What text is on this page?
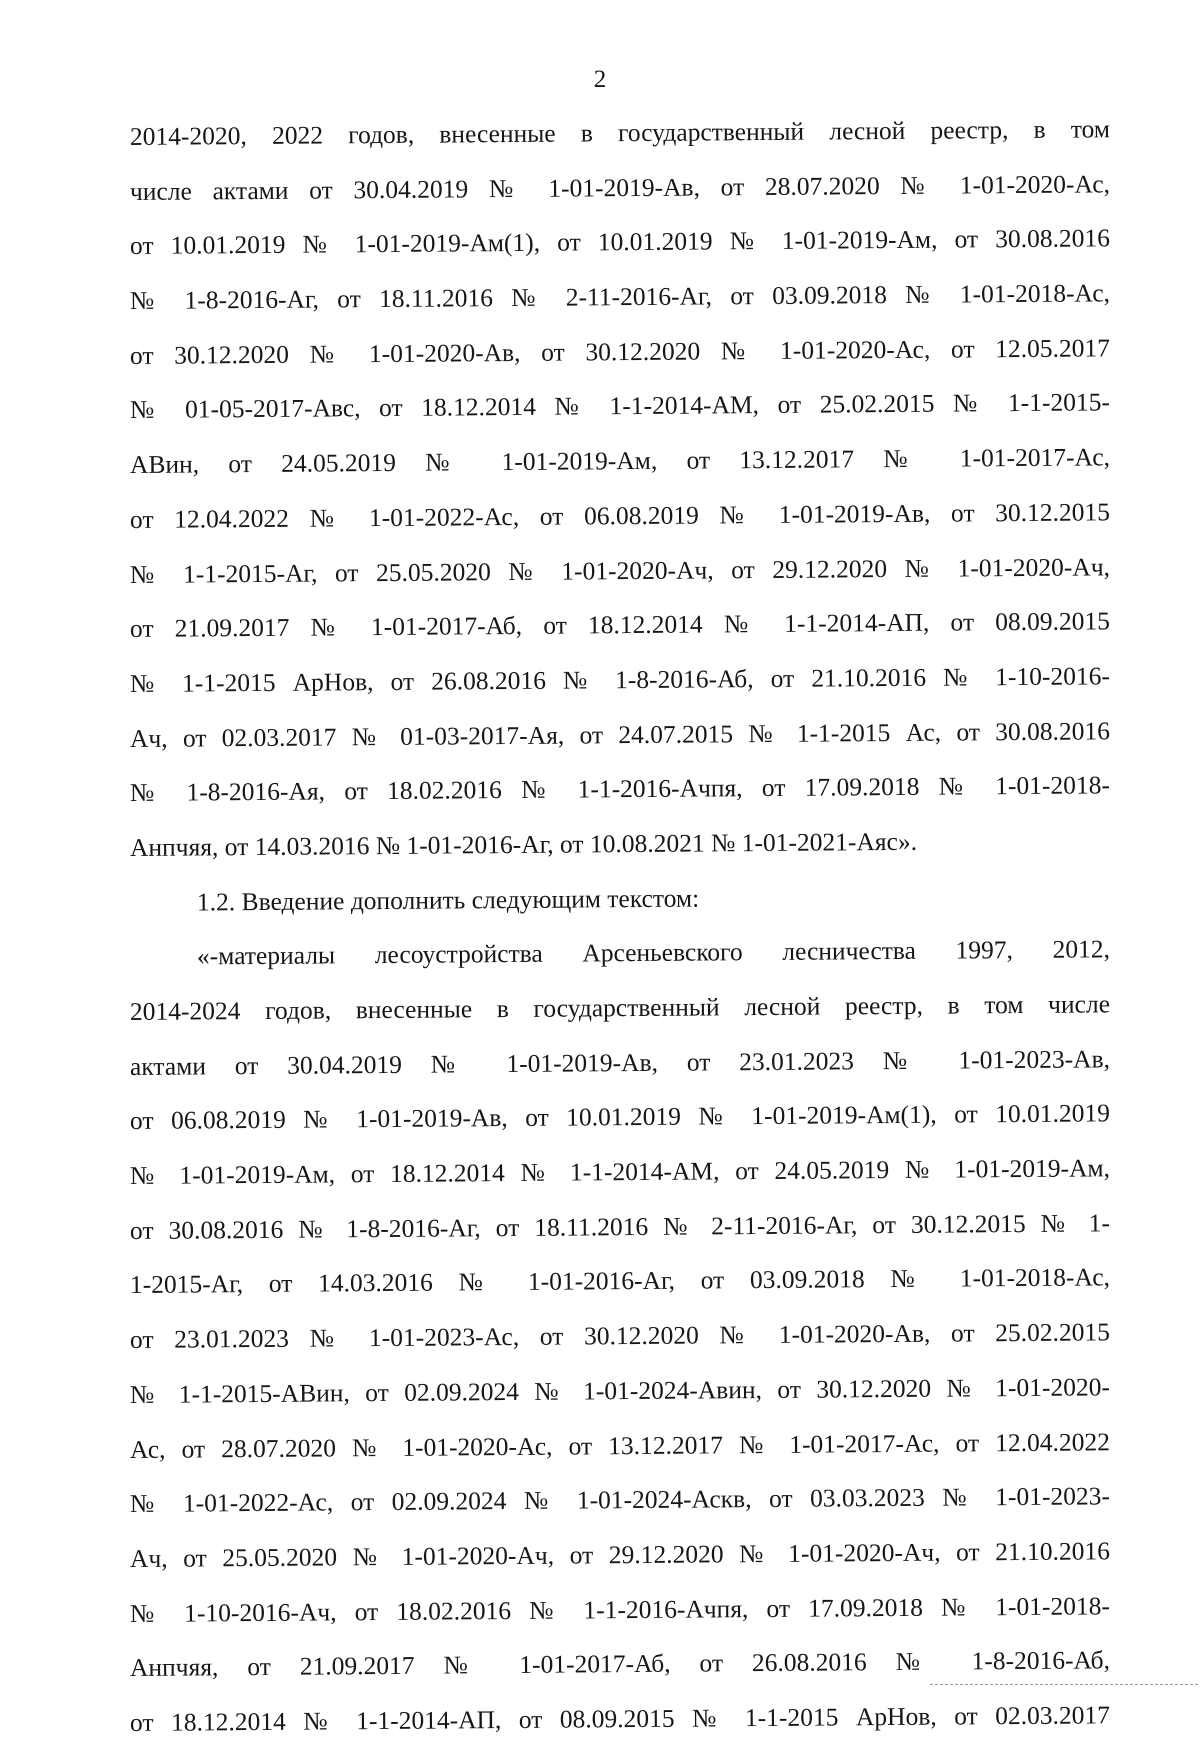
2
2014-2020, 2022 годов, внесенные в государственный лесной реестр, в том
числе актами от 30.04.2019 № 1-01-2019-Ав, от 28.07.2020 № 1-01-2020-Ас,
от 10.01.2019 № 1-01-2019-Ам(1), от 10.01.2019 № 1-01-2019-Ам, от 30.08.2016
№ 1-8-2016-Аг, от 18.11.2016 № 2-11-2016-Аг, от 03.09.2018 № 1-01-2018-Ас,
от 30.12.2020 № 1-01-2020-Ав, от 30.12.2020 № 1-01-2020-Ас, от 12.05.2017
№ 01-05-2017-Авс, от 18.12.2014 № 1-1-2014-АМ, от 25.02.2015 № 1-1-2015-
АВин, от 24.05.2019 № 1-01-2019-Ам, от 13.12.2017 № 1-01-2017-Ас,
от 12.04.2022 № 1-01-2022-Ас, от 06.08.2019 № 1-01-2019-Ав, от 30.12.2015
№ 1-1-2015-Аг, от 25.05.2020 № 1-01-2020-Ач, от 29.12.2020 № 1-01-2020-Ач,
от 21.09.2017 № 1-01-2017-Аб, от 18.12.2014 № 1-1-2014-АП, от 08.09.2015
№ 1-1-2015 АрНов, от 26.08.2016 № 1-8-2016-Аб, от 21.10.2016 № 1-10-2016-
Ач, от 02.03.2017 № 01-03-2017-Ая, от 24.07.2015 № 1-1-2015 Ас, от 30.08.2016
№ 1-8-2016-Ая, от 18.02.2016 № 1-1-2016-Ачпя, от 17.09.2018 № 1-01-2018-
Анпчяя, от 14.03.2016 № 1-01-2016-Аг, от 10.08.2021 № 1-01-2021-Аяс».
1.2. Введение дополнить следующим текстом:
«-материалы лесоустройства Арсеньевского лесничества 1997, 2012,
2014-2024 годов, внесенные в государственный лесной реестр, в том числе
актами от 30.04.2019 № 1-01-2019-Ав, от 23.01.2023 № 1-01-2023-Ав,
от 06.08.2019 № 1-01-2019-Ав, от 10.01.2019 № 1-01-2019-Ам(1), от 10.01.2019
№ 1-01-2019-Ам, от 18.12.2014 № 1-1-2014-АМ, от 24.05.2019 № 1-01-2019-Ам,
от 30.08.2016 № 1-8-2016-Аг, от 18.11.2016 № 2-11-2016-Аг, от 30.12.2015 № 1-
1-2015-Аг, от 14.03.2016 № 1-01-2016-Аг, от 03.09.2018 № 1-01-2018-Ас,
от 23.01.2023 № 1-01-2023-Ас, от 30.12.2020 № 1-01-2020-Ав, от 25.02.2015
№ 1-1-2015-АВин, от 02.09.2024 № 1-01-2024-Авин, от 30.12.2020 № 1-01-2020-
Ас, от 28.07.2020 № 1-01-2020-Ас, от 13.12.2017 № 1-01-2017-Ас, от 12.04.2022
№ 1-01-2022-Ас, от 02.09.2024 № 1-01-2024-Аскв, от 03.03.2023 № 1-01-2023-
Ач, от 25.05.2020 № 1-01-2020-Ач, от 29.12.2020 № 1-01-2020-Ач, от 21.10.2016
№ 1-10-2016-Ач, от 18.02.2016 № 1-1-2016-Ачпя, от 17.09.2018 № 1-01-2018-
Анпчяя, от 21.09.2017 № 1-01-2017-Аб, от 26.08.2016 № 1-8-2016-Аб,
от 18.12.2014 № 1-1-2014-АП, от 08.09.2015 № 1-1-2015 АрНов, от 02.03.2017
